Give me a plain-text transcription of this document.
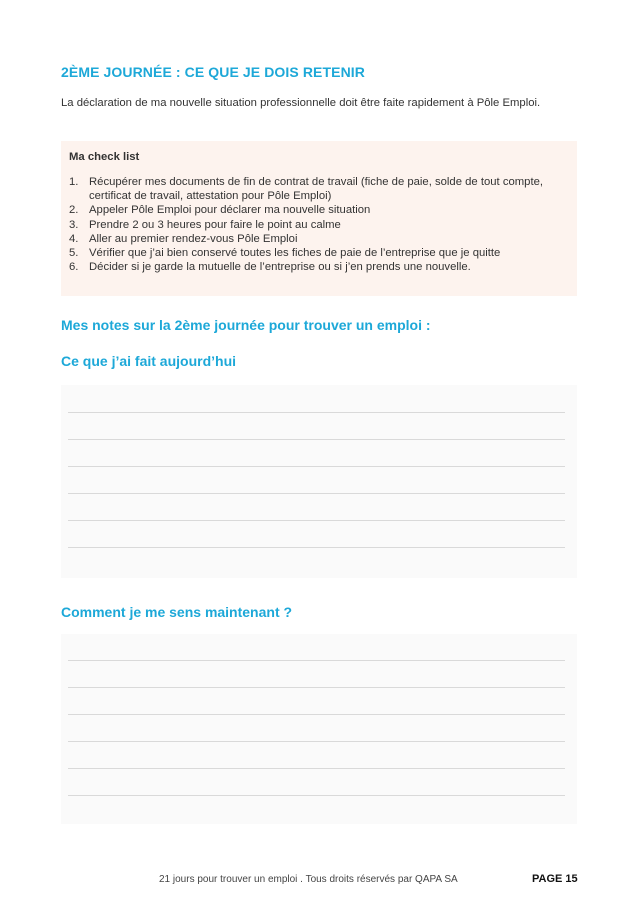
2ÈME JOURNÉE : CE QUE JE DOIS RETENIR
La déclaration de ma nouvelle situation professionnelle doit être faite rapidement à Pôle Emploi.
Ma check list
1. Récupérer mes documents de fin de contrat de travail (fiche de paie, solde de tout compte, certificat de travail, attestation pour Pôle Emploi)
2. Appeler Pôle Emploi pour déclarer ma nouvelle situation
3. Prendre 2 ou 3 heures pour faire le point au calme
4. Aller au premier rendez-vous Pôle Emploi
5. Vérifier que j’ai bien conservé toutes les fiches de paie de l’entreprise que je quitte
6. Décider si je garde la mutuelle de l’entreprise ou si j’en prends une nouvelle.
Mes notes sur la 2ème journée pour trouver un emploi :
Ce que j’ai fait aujourd’hui
Comment je me sens maintenant ?
21 jours pour trouver un emploi . Tous droits réservés par QAPA SA	PAGE 15
